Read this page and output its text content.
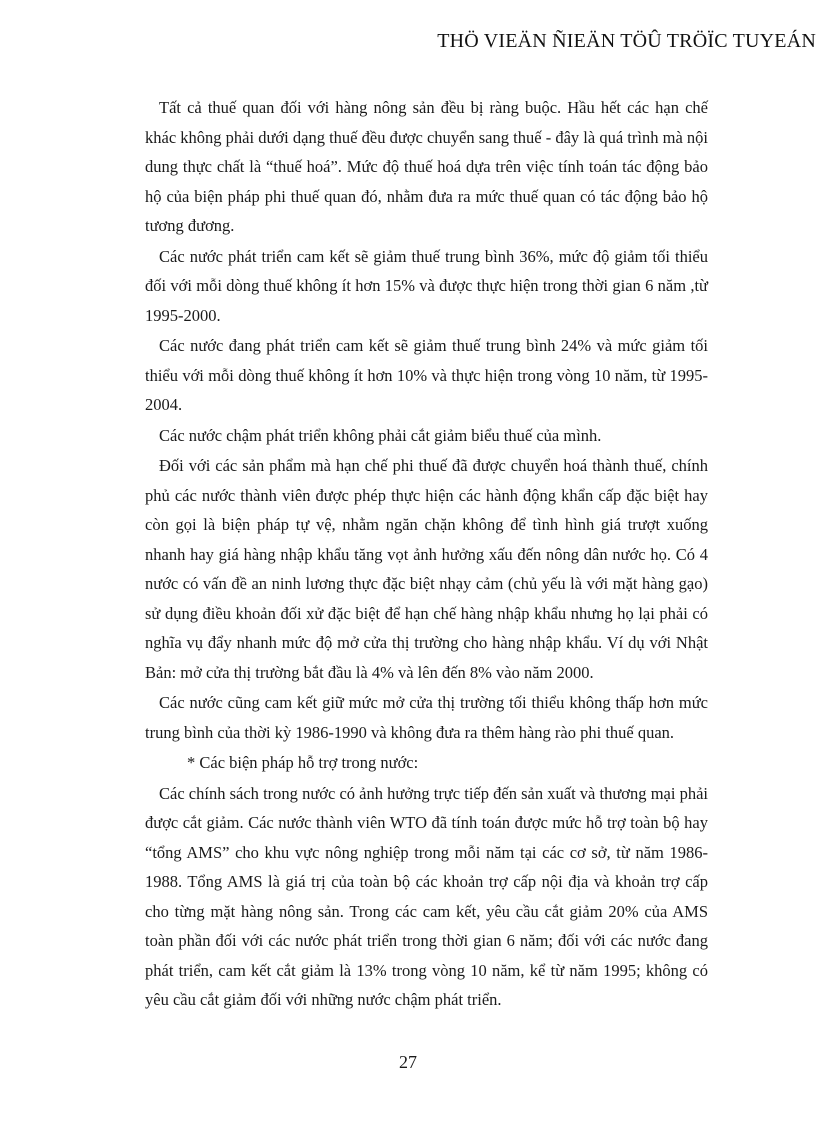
THÖ VIEÄN ÑIEÄN TÖÛ TRÖÏC TUYEÁN

Tất cả thuế quan đối với hàng nông sản đều bị ràng buộc. Hầu hết các hạn chế khác không phải dưới dạng thuế đều được chuyển sang thuế - đây là quá trình mà nội dung thực chất là “thuế hoá”. Mức độ thuế hoá dựa trên việc tính toán tác động bảo hộ của biện pháp phi thuế quan đó, nhằm đưa ra mức thuế quan có tác động bảo hộ tương đương.

Các nước phát triển cam kết sẽ giảm thuế trung bình 36%, mức độ giảm tối thiểu đối với mỗi dòng thuế không ít hơn 15% và được thực hiện trong thời gian 6 năm ,từ 1995-2000.

Các nước đang phát triển cam kết sẽ giảm thuế trung bình 24% và mức giảm tối thiểu với mỗi dòng thuế không ít hơn 10% và thực hiện trong vòng 10 năm, từ 1995-2004.

Các nước chậm phát triển không phải cắt giảm biểu thuế của mình.

Đối với các sản phẩm mà hạn chế phi thuế đã được chuyển hoá thành thuế, chính phủ các nước thành viên được phép thực hiện các hành động khẩn cấp đặc biệt hay còn gọi là biện pháp tự vệ, nhằm ngăn chặn không để tình hình giá trượt xuống nhanh hay giá hàng nhập khẩu tăng vọt ảnh hưởng xấu đến nông dân nước họ. Có 4 nước có vấn đề an ninh lương thực đặc biệt nhạy cảm (chủ yếu là với mặt hàng gạo) sử dụng điều khoản đối xử đặc biệt để hạn chế hàng nhập khẩu nhưng họ lại phải có nghĩa vụ đẩy nhanh mức độ mở cửa thị trường cho hàng nhập khẩu. Ví dụ với Nhật Bản: mở cửa thị trường bắt đầu là 4% và lên đến 8% vào năm 2000.

Các nước cũng cam kết giữ mức mở cửa thị trường tối thiểu không thấp hơn mức trung bình của thời kỳ 1986-1990 và không đưa ra thêm hàng rào phi thuế quan.

* Các biện pháp hỗ trợ trong nước:

Các chính sách trong nước có ảnh hưởng trực tiếp đến sản xuất và thương mại phải được cắt giảm. Các nước thành viên WTO đã tính toán được mức hỗ trợ toàn bộ hay “tổng AMS” cho khu vực nông nghiệp trong mỗi năm tại các cơ sở, từ năm 1986-1988. Tổng AMS là giá trị của toàn bộ các khoản trợ cấp nội địa và khoản trợ cấp cho từng mặt hàng nông sản. Trong các cam kết, yêu cầu cắt giảm 20% của AMS toàn phần đối với các nước phát triển trong thời gian 6 năm; đối với các nước đang phát triển, cam kết cắt giảm là 13% trong vòng 10 năm, kể từ năm 1995; không có yêu cầu cắt giảm đối với những nước chậm phát triển.

27
